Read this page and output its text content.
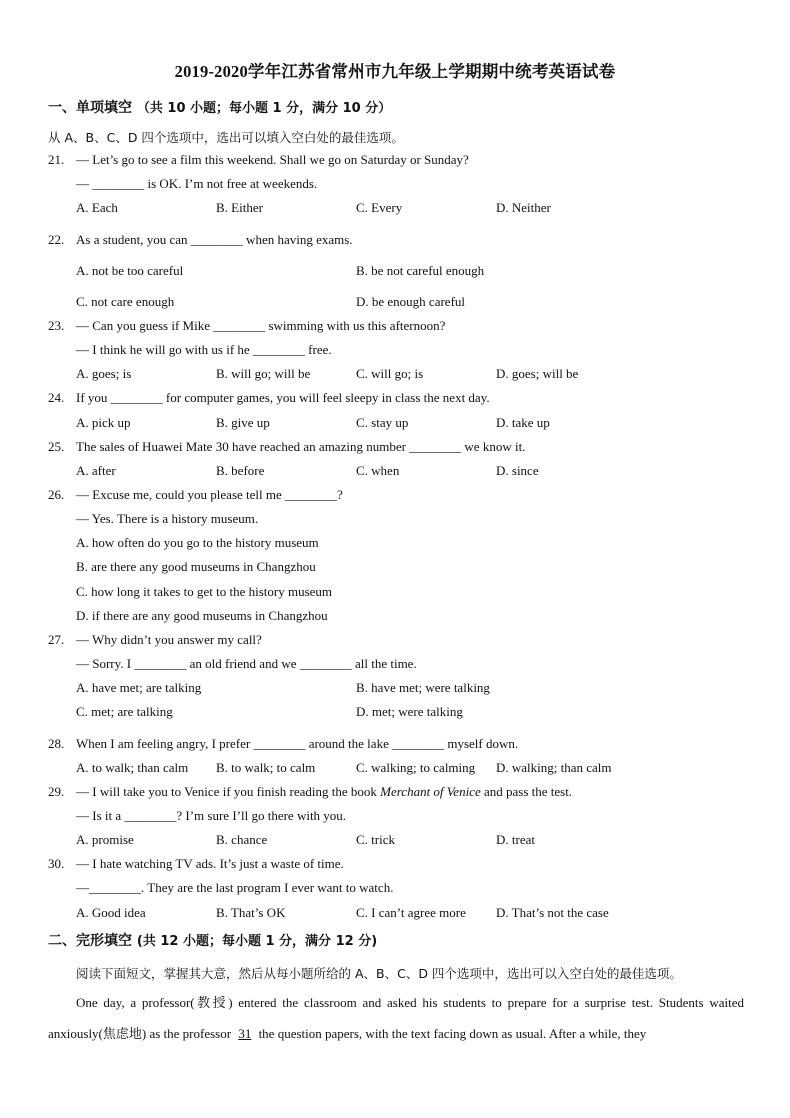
2019-2020学年江苏省常州市九年级上学期期中统考英语试卷
一、单项填空 （共 10 小题；每小题 1 分，满分 10 分）
从 A、B、C、D 四个选项中，选出可以填入空白处的最佳选项。
21. — Let’s go to see a film this weekend. Shall we go on Saturday or Sunday?
— ________ is OK. I’m not free at weekends.
A. Each	B. Either	C. Every	D. Neither
22. As a student, you can ________ when having exams.
A. not be too careful	B. be not careful enough
C. not care enough	D. be enough careful
23. — Can you guess if Mike ________ swimming with us this afternoon?
— I think he will go with us if he ________ free.
A. goes; is	B. will go; will be	C. will go; is	D. goes; will be
24. If you ________ for computer games, you will feel sleepy in class the next day.
A. pick up	B. give up	C. stay up	D. take up
25. The sales of Huawei Mate 30 have reached an amazing number ________ we know it.
A. after	B. before	C. when	D. since
26. — Excuse me, could you please tell me ________?
— Yes. There is a history museum.
A. how often do you go to the history museum
B. are there any good museums in Changzhou
C. how long it takes to get to the history museum
D. if there are any good museums in Changzhou
27. — Why didn’t you answer my call?
— Sorry. I ________ an old friend and we ________ all the time.
A. have met; are talking	B. have met; were talking
C. met; are talking	D. met; were talking
28. When I am feeling angry, I prefer ________ around the lake ________ myself down.
A. to walk; than calm B. to walk; to calm	C. walking; to calming D. walking; than calm
29. — I will take you to Venice if you finish reading the book Merchant of Venice and pass the test.
— Is it a ________? I’m sure I’ll go there with you.
A. promise	B. chance	C. trick	D. treat
30. — I hate watching TV ads. It’s just a waste of time.
—________. They are the last program I ever want to watch.
A. Good idea	B. That’s OK	C. I can’t agree more D. That’s not the case
二、完形填空 (共 12 小题；每小题 1 分，满分 12 分)
阅读下面短文，掌握其大意，然后从每小题所给的 A、B、C、D 四个选项中，选出可以入空白处的最佳选项。
One day, a professor(教授) entered the classroom and asked his students to prepare for a surprise test. Students waited anxiously(焦虑地) as the professor 31 the question papers, with the text facing down as usual. After a while, they
